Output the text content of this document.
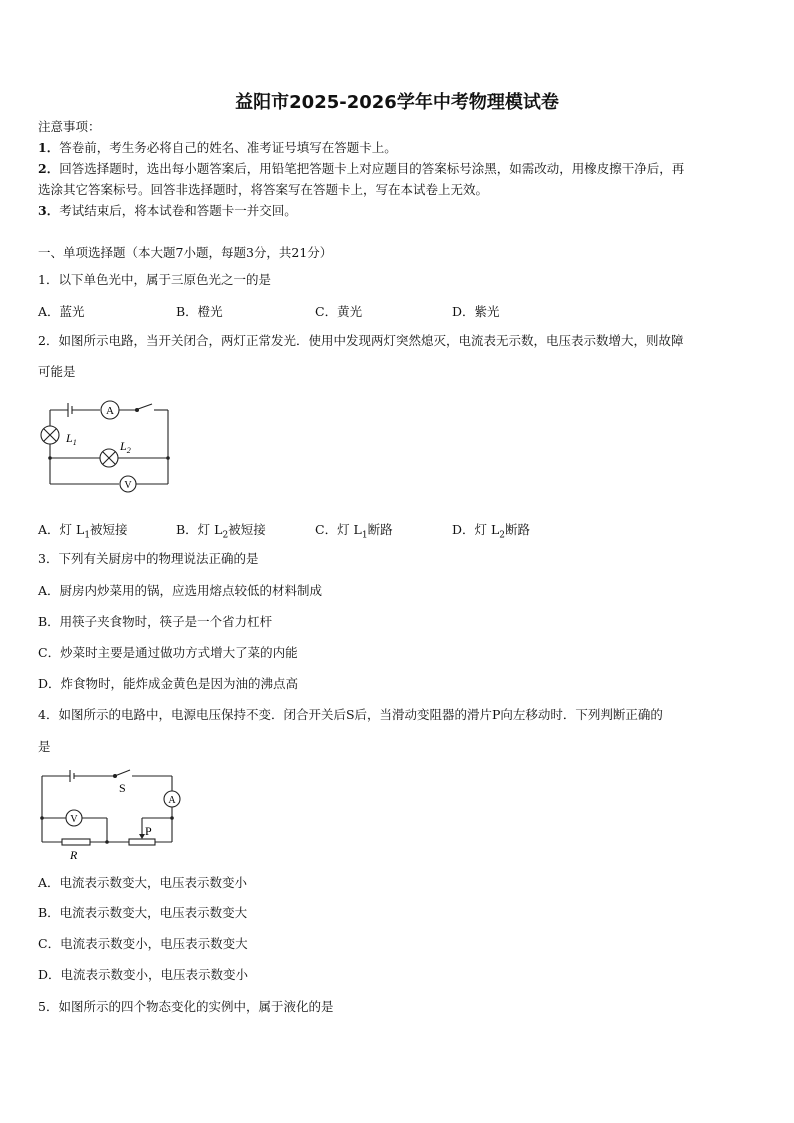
益阳市2025-2026学年中考物理模试卷
注意事项：
1．答卷前，考生务必将自己的姓名、准考证号填写在答题卡上。
2．回答选择题时，选出每小题答案后，用铅笔把答题卡上对应题目的答案标号涂黑，如需改动，用橡皮擦干净后，再
选涂其它答案标号。回答非选择题时，将答案写在答题卡上，写在本试卷上无效。
3．考试结束后，将本试卷和答题卡一并交回。
一、单项选择题（本大题7小题，每题3分，共21分）
1．以下单色光中，属于三原色光之一的是
A．蓝光	B．橙光	C．黄光	D．紫光
2．如图所示电路，当开关闭合，两灯正常发光．使用中发现两灯突然熄灭，电流表无示数，电压表示数增大，则故障
可能是
A
V
$L_1$	$L_2$
A．灯 $L_1$被短接	B．灯 $L_2$被短接	C．灯 $L_1$断路	D．灯 $L_2$断路
3．下列有关厨房中的物理说法正确的是
A．厨房内炒菜用的锅，应选用熔点较低的材料制成
B．用筷子夹食物时，筷子是一个省力杠杆
C．炒菜时主要是通过做功方式增大了菜的内能
D．炸食物时，能炸成金黄色是因为油的沸点高
4．如图所示的电路中，电源电压保持不变．闭合开关后S后，当滑动变阻器的滑片P向左移动时．下列判断正确的
是
S
A
V
P
R
A．电流表示数变大，电压表示数变小
B．电流表示数变大，电压表示数变大
C．电流表示数变小，电压表示数变大
D．电流表示数变小，电压表示数变小
5．如图所示的四个物态变化的实例中，属于液化的是
